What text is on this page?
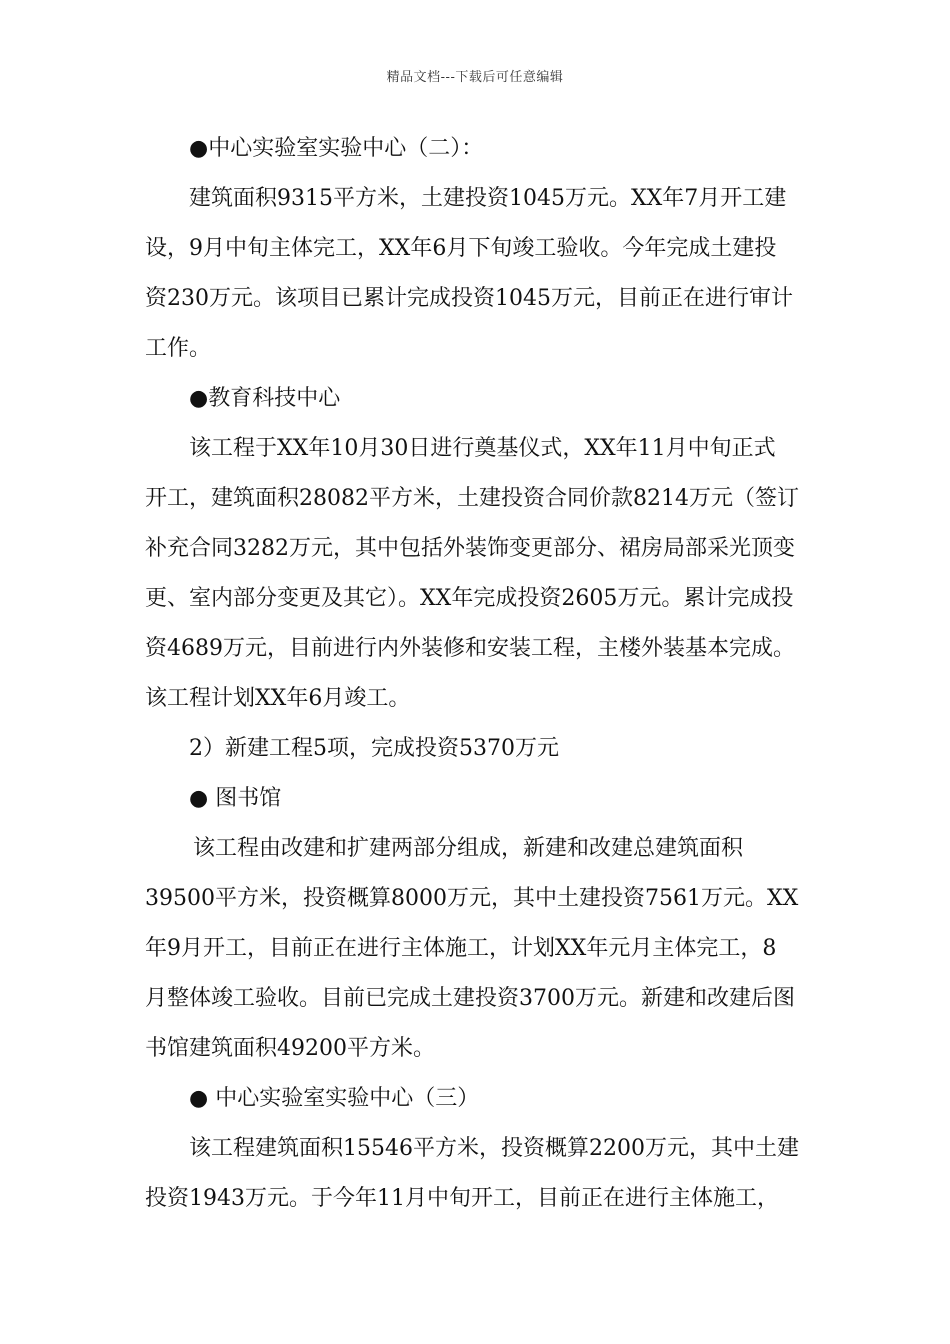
精品文档---下载后可任意编辑
●中心实验室实验中心（二）：
建筑面积9315平方米，土建投资1045万元。XX年7月开工建
设，9月中旬主体完工，XX年6月下旬竣工验收。今年完成土建投
资230万元。该项目已累计完成投资1045万元，目前正在进行审计
工作。
●教育科技中心
该工程于XX年10月30日进行奠基仪式，XX年11月中旬正式
开工，建筑面积28082平方米，土建投资合同价款8214万元（签订
补充合同3282万元，其中包括外装饰变更部分、裙房局部采光顶变
更、室内部分变更及其它）。XX年完成投资2605万元。累计完成投
资4689万元，目前进行内外装修和安装工程，主楼外装基本完成。
该工程计划XX年6月竣工。
2）新建工程5项，完成投资5370万元
● 图书馆
该工程由改建和扩建两部分组成，新建和改建总建筑面积
39500平方米，投资概算8000万元，其中土建投资7561万元。XX
年9月开工，目前正在进行主体施工，计划XX年元月主体完工，8
月整体竣工验收。目前已完成土建投资3700万元。新建和改建后图
书馆建筑面积49200平方米。
● 中心实验室实验中心（三）
该工程建筑面积15546平方米，投资概算2200万元，其中土建
投资1943万元。于今年11月中旬开工，目前正在进行主体施工，
